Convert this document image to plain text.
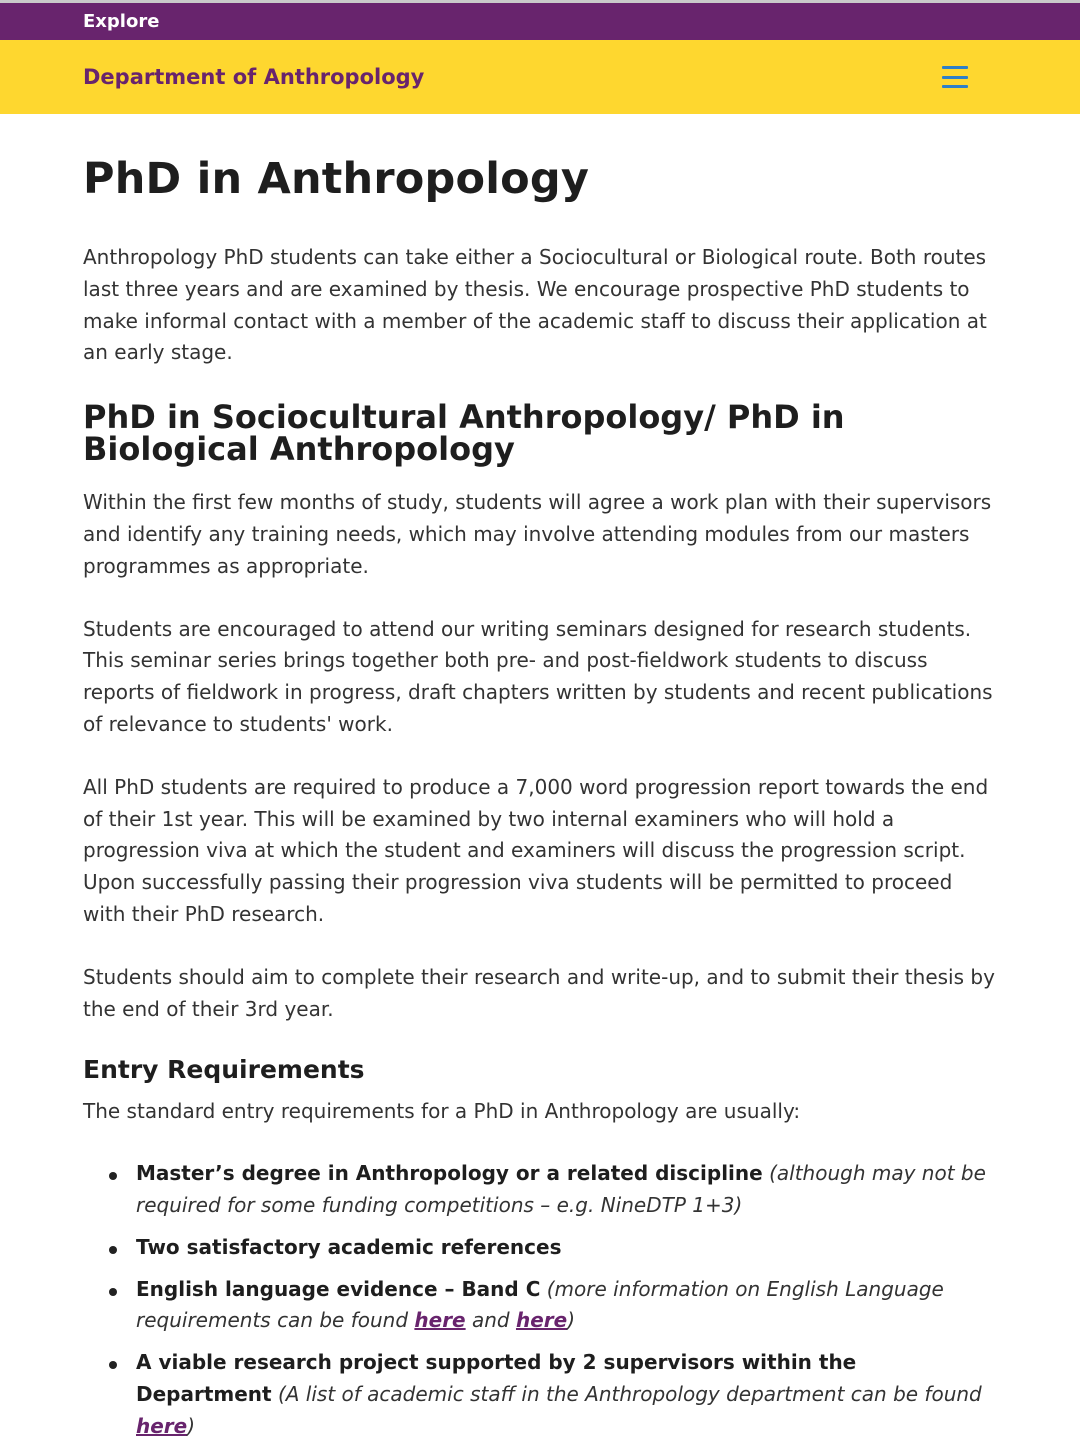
Explore
Department of Anthropology
PhD in Anthropology

Anthropology PhD students can take either a Sociocultural or Biological route. Both routes last three years and are examined by thesis. We encourage prospective PhD students to make informal contact with a member of the academic staff to discuss their application at an early stage.

PhD in Sociocultural Anthropology/ PhD in Biological Anthropology

Within the first few months of study, students will agree a work plan with their supervisors and identify any training needs, which may involve attending modules from our masters programmes as appropriate.

Students are encouraged to attend our writing seminars designed for research students. This seminar series brings together both pre- and post-fieldwork students to discuss reports of fieldwork in progress, draft chapters written by students and recent publications of relevance to students' work.

All PhD students are required to produce a 7,000 word progression report towards the end of their 1st year. This will be examined by two internal examiners who will hold a progression viva at which the student and examiners will discuss the progression script. Upon successfully passing their progression viva students will be permitted to proceed with their PhD research.

Students should aim to complete their research and write-up, and to submit their thesis by the end of their 3rd year.

Entry Requirements

The standard entry requirements for a PhD in Anthropology are usually:

Master’s degree in Anthropology or a related discipline (although may not be required for some funding competitions – e.g. NineDTP 1+3)
Two satisfactory academic references
English language evidence – Band C (more information on English Language requirements can be found here and here)
A viable research project supported by 2 supervisors within the Department (A list of academic staff in the Anthropology department can be found here)
